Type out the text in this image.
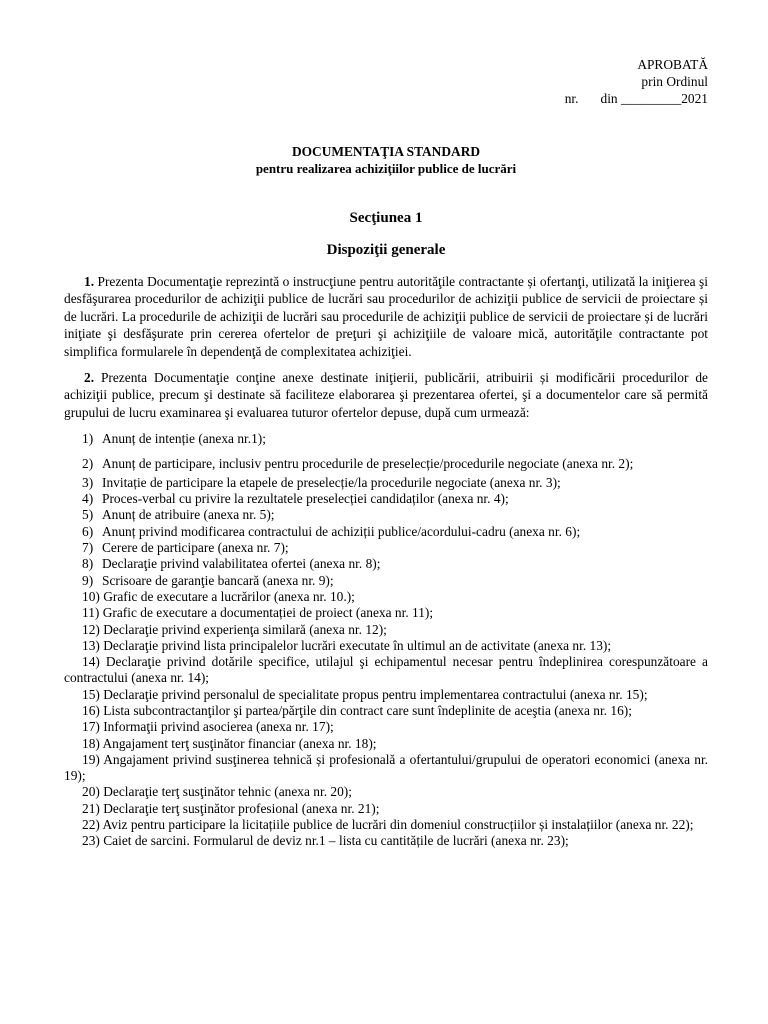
APROBATĂ
prin Ordinul
nr. din _________2021
DOCUMENTAŢIA STANDARD
pentru realizarea achiziţiilor publice de lucrări
Secţiunea 1
Dispoziţii generale

1. Prezenta Documentaţie reprezintă o instrucţiune pentru autorităţile contractante și ofertanţi, utilizată la iniţierea şi desfăşurarea procedurilor de achiziţii publice de lucrări sau procedurilor de achiziţii publice de servicii de proiectare și de lucrări. La procedurile de achiziţii de lucrări sau procedurile de achiziţii publice de servicii de proiectare și de lucrări iniţiate şi desfăşurate prin cererea ofertelor de preţuri şi achiziţiile de valoare mică, autorităţile contractante pot simplifica formularele în dependenţă de complexitatea achiziţiei.

2. Prezenta Documentaţie conţine anexe destinate iniţierii, publicării, atribuirii și modificării procedurilor de achiziţii publice, precum şi destinate să faciliteze elaborarea şi prezentarea ofertei, şi a documentelor care să permită grupului de lucru examinarea şi evaluarea tuturor ofertelor depuse, după cum urmează:

1) Anunț de intenție (anexa nr.1);
2) Anunț de participare, inclusiv pentru procedurile de preselecție/procedurile negociate (anexa nr. 2);
3) Invitație de participare la etapele de preselecție/la procedurile negociate (anexa nr. 3);
4) Proces-verbal cu privire la rezultatele preselecției candidaților (anexa nr. 4);
5) Anunț de atribuire (anexa nr. 5);
6) Anunț privind modificarea contractului de achiziții publice/acordului-cadru (anexa nr. 6);
7) Cerere de participare (anexa nr. 7);
8) Declaraţie privind valabilitatea ofertei (anexa nr. 8);
9) Scrisoare de garanţie bancară (anexa nr. 9);
10) Grafic de executare a lucrărilor (anexa nr. 10.);
11) Grafic de executare a documentației de proiect (anexa nr. 11);
12) Declaraţie privind experienţa similară (anexa nr. 12);
13) Declaraţie privind lista principalelor lucrări executate în ultimul an de activitate (anexa nr. 13);
14) Declaraţie privind dotările specifice, utilajul şi echipamentul necesar pentru îndeplinirea corespunzătoare a contractului (anexa nr. 14);
15) Declaraţie privind personalul de specialitate propus pentru implementarea contractului (anexa nr. 15);
16) Lista subcontractanţilor şi partea/părţile din contract care sunt îndeplinite de aceştia (anexa nr. 16);
17) Informaţii privind asocierea (anexa nr. 17);
18) Angajament terţ susţinător financiar (anexa nr. 18);
19) Angajament privind susţinerea tehnică și profesională a ofertantului/grupului de operatori economici (anexa nr. 19);
20) Declaraţie terţ susţinător tehnic (anexa nr. 20);
21) Declaraţie terţ susţinător profesional (anexa nr. 21);
22) Aviz pentru participare la licitațiile publice de lucrări din domeniul construcțiilor și instalațiilor (anexa nr. 22);
23) Caiet de sarcini. Formularul de deviz nr.1 – lista cu cantitățile de lucrări (anexa nr. 23);
